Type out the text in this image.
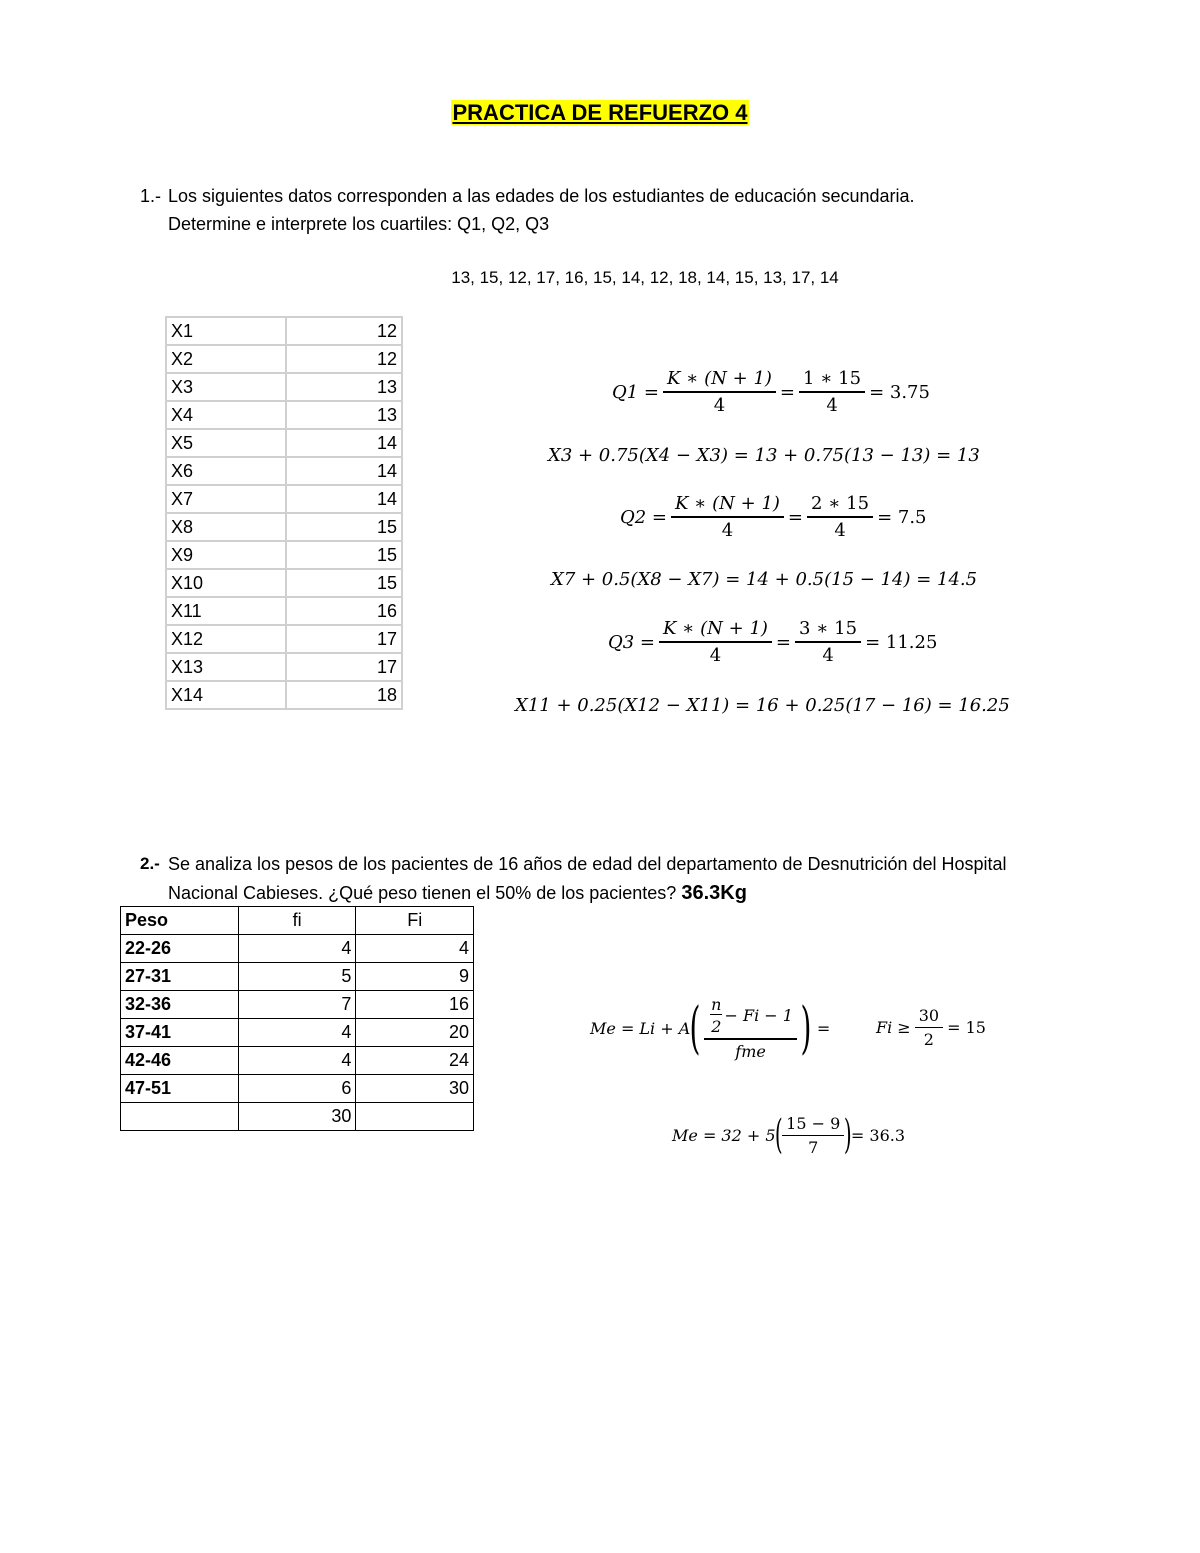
PRACTICA DE REFUERZO 4
1.- Los siguientes datos corresponden a las edades de los estudiantes de educación secundaria.
Determine e interprete los cuartiles: Q1, Q2, Q3
13, 15, 12, 17, 16, 15, 14, 12, 18, 14, 15, 13, 17, 14
X1	12
X2	12
X3	13
X4	13
X5	14
X6	14
X7	14
X8	15
X9	15
X10	15
X11	16
X12	17
X13	17
X14	18
$Q1 = \frac{K ∗ (N + 1)}{4} = \frac{1 ∗ 15}{4} = 3.75$
X3 + 0.75(X4 − X3) = 13 + 0.75(13 − 13) = 13
$Q2 = \frac{K ∗ (N + 1)}{4} = \frac{2 ∗ 15}{4} = 7.5$
X7 + 0.5(X8 − X7) = 14 + 0.5(15 − 14) = 14.5
$Q3 = \frac{K ∗ (N + 1)}{4} = \frac{3 ∗ 15}{4} = 11.25$
X11 + 0.25(X12 − X11) = 16 + 0.25(17 − 16) = 16.25
2.- Se analiza los pesos de los pacientes de 16 años de edad del departamento de Desnutrición del Hospital
Nacional Cabieses. ¿Qué peso tienen el 50% de los pacientes? 36.3Kg
Peso	fi	Fi
22-26	4	4
27-31	5	9
32-36	7	16
37-41	4	20
42-46	4	24
47-51	6	30
	30	
Me = Li + A ( $\frac{\frac{n}{2} - Fi - 1}{\text{fme}}$ ) =	$Fi \ge \frac{30}{2} = 15$
Me = 32 + 5
( $\frac{15 - 9}{7}$ )
= 36.3
